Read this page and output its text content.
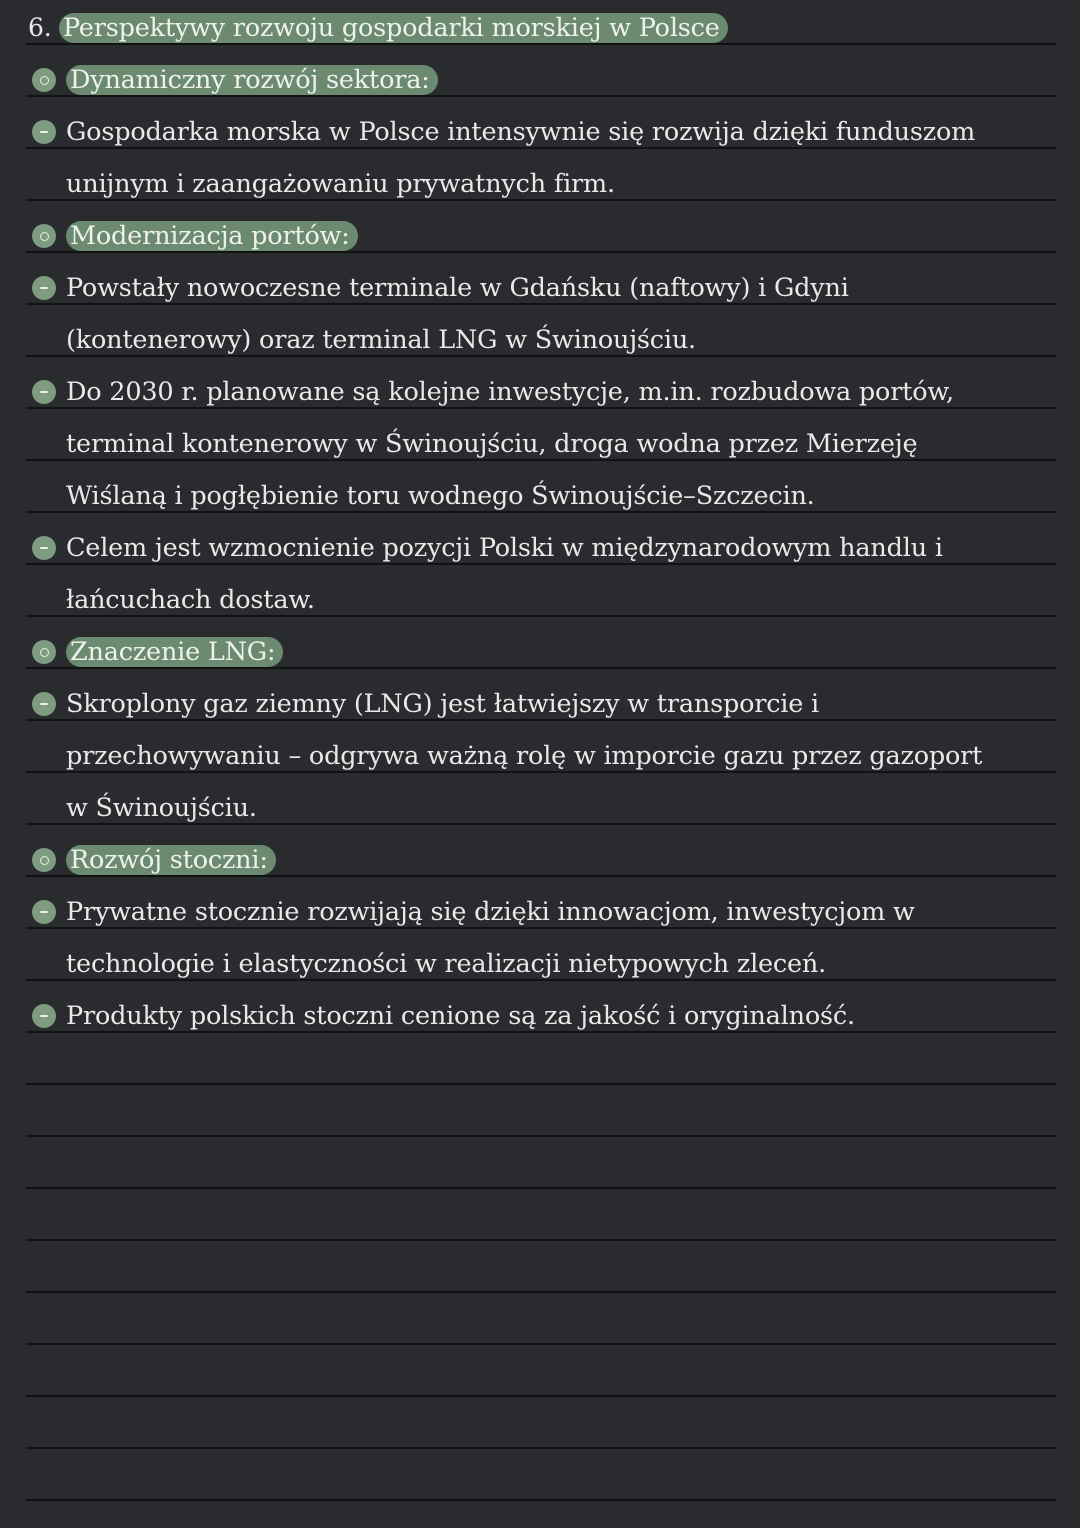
6. Perspektywy rozwoju gospodarki morskiej w Polsce
Dynamiczny rozwój sektora:
Gospodarka morska w Polsce intensywnie się rozwija dzięki funduszom
unijnym i zaangażowaniu prywatnych firm.
Modernizacja portów:
Powstały nowoczesne terminale w Gdańsku (naftowy) i Gdyni
(kontenerowy) oraz terminal LNG w Świnoujściu.
Do 2030 r. planowane są kolejne inwestycje, m.in. rozbudowa portów,
terminal kontenerowy w Świnoujściu, droga wodna przez Mierzeję
Wiślaną i pogłębienie toru wodnego Świnoujście–Szczecin.
Celem jest wzmocnienie pozycji Polski w międzynarodowym handlu i
łańcuchach dostaw.
Znaczenie LNG:
Skroplony gaz ziemny (LNG) jest łatwiejszy w transporcie i
przechowywaniu – odgrywa ważną rolę w imporcie gazu przez gazoport
w Świnoujściu.
Rozwój stoczni:
Prywatne stocznie rozwijają się dzięki innowacjom, inwestycjom w
technologie i elastyczności w realizacji nietypowych zleceń.
Produkty polskich stoczni cenione są za jakość i oryginalność.
